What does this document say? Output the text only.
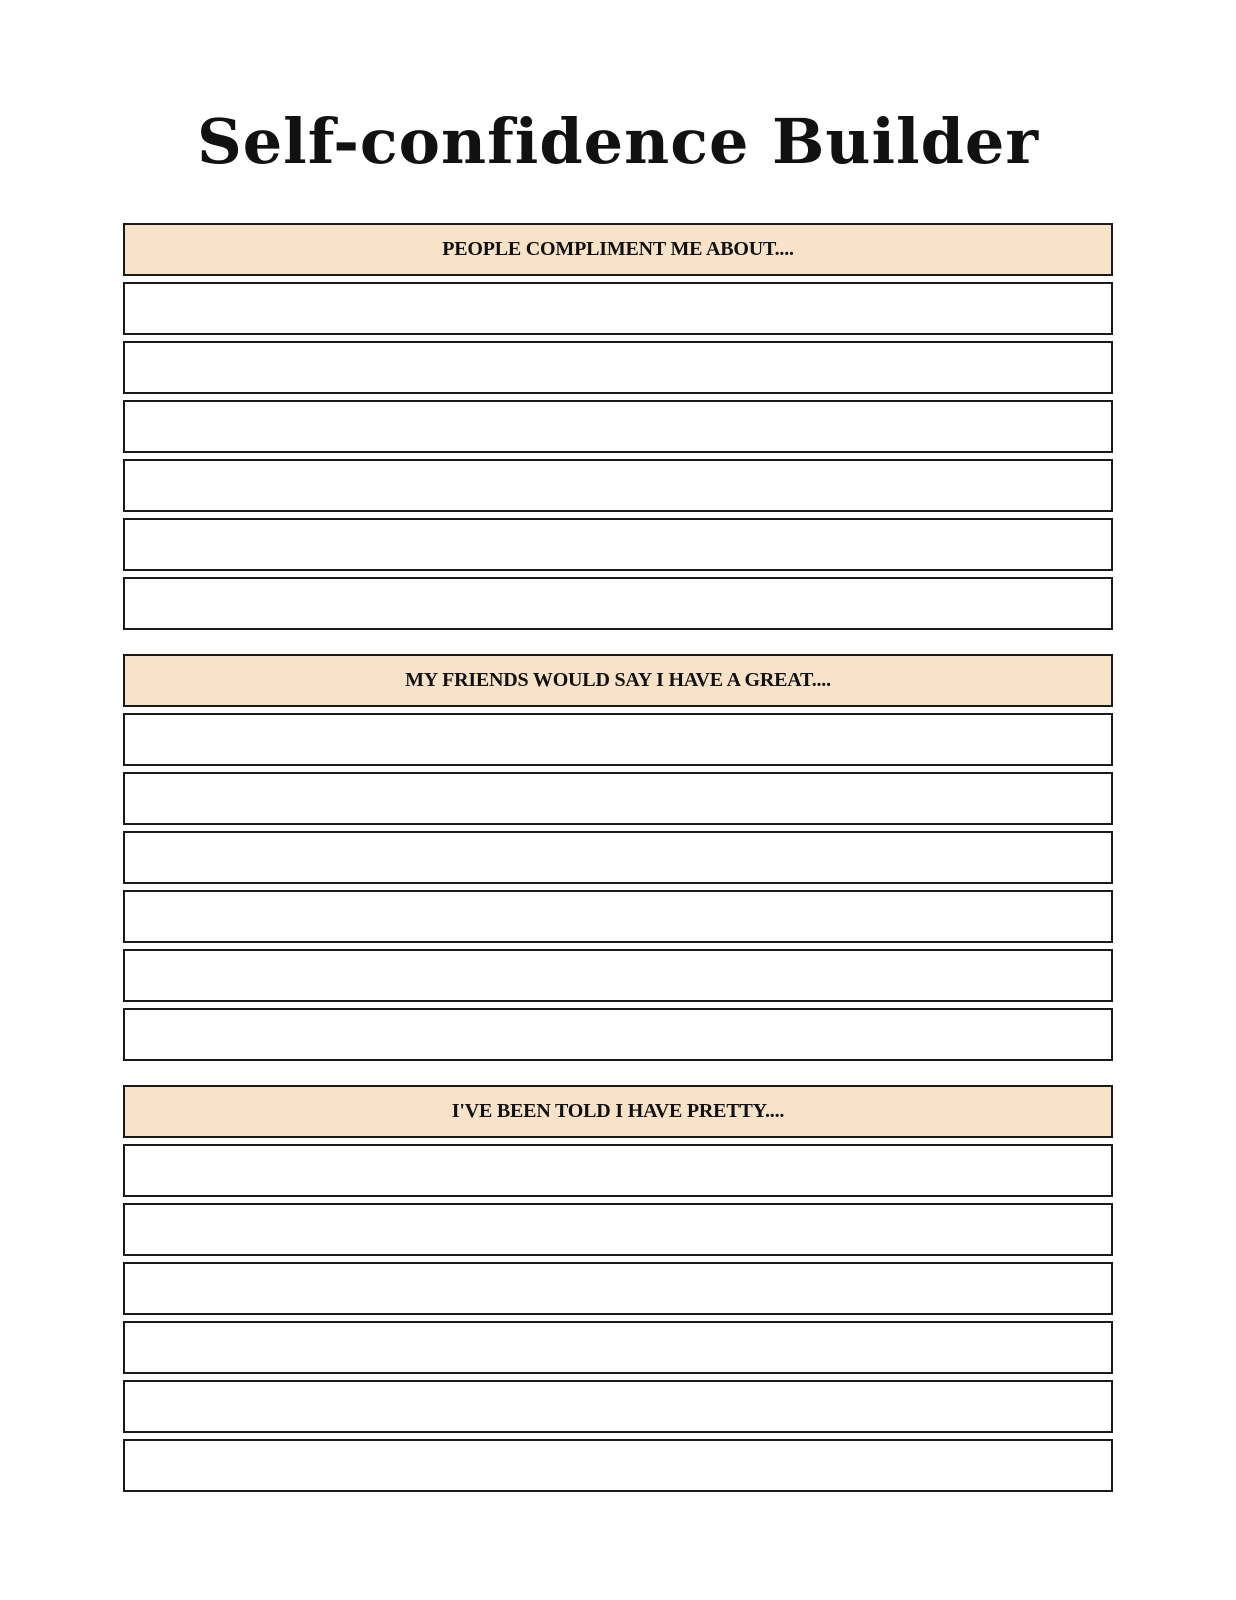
Self-confidence Builder
PEOPLE COMPLIMENT ME ABOUT....
MY FRIENDS WOULD SAY I HAVE A GREAT....
I'VE BEEN TOLD I HAVE PRETTY....
